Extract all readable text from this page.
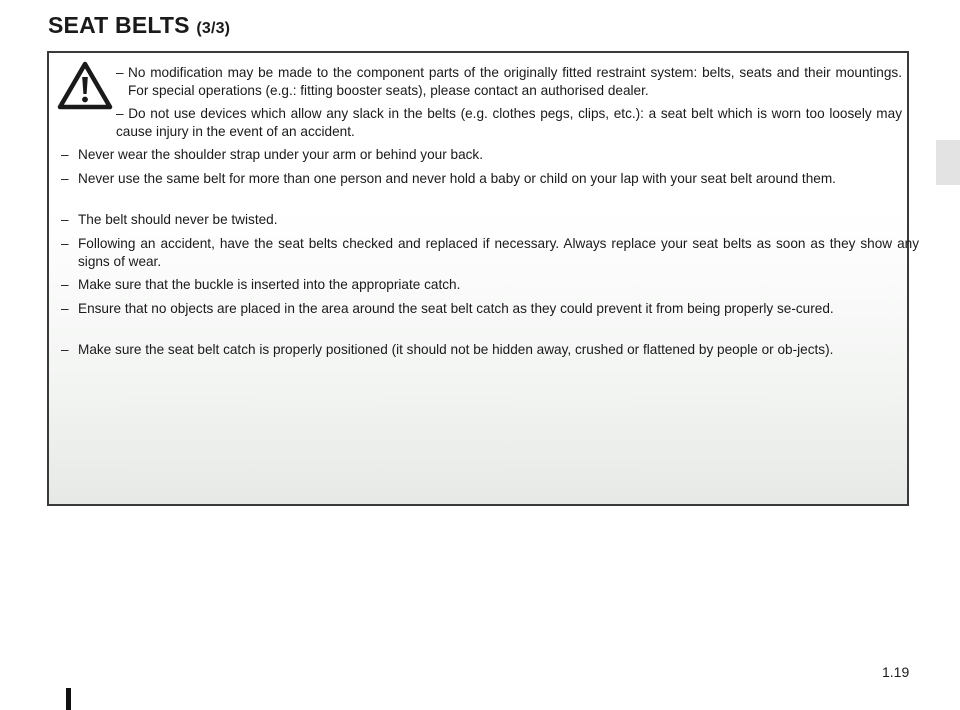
SEAT BELTS (3/3)
– No modification may be made to the component parts of the originally fitted restraint system: belts, seats and their mountings. For special operations (e.g.: fitting booster seats), please contact an authorised dealer.

– Do not use devices which allow any slack in the belts (e.g. clothes pegs, clips, etc.): a seat belt which is worn too loosely may cause injury in the event of an accident.

– Never wear the shoulder strap under your arm or behind your back.

– Never use the same belt for more than one person and never hold a baby or child on your lap with your seat belt around them.

– The belt should never be twisted.

– Following an accident, have the seat belts checked and replaced if necessary. Always replace your seat belts as soon as they show any signs of wear.

– Make sure that the buckle is inserted into the appropriate catch.

– Ensure that no objects are placed in the area around the seat belt catch as they could prevent it from being properly se-cured.

– Make sure the seat belt catch is properly positioned (it should not be hidden away, crushed or flattened by people or ob-jects).

1.19
